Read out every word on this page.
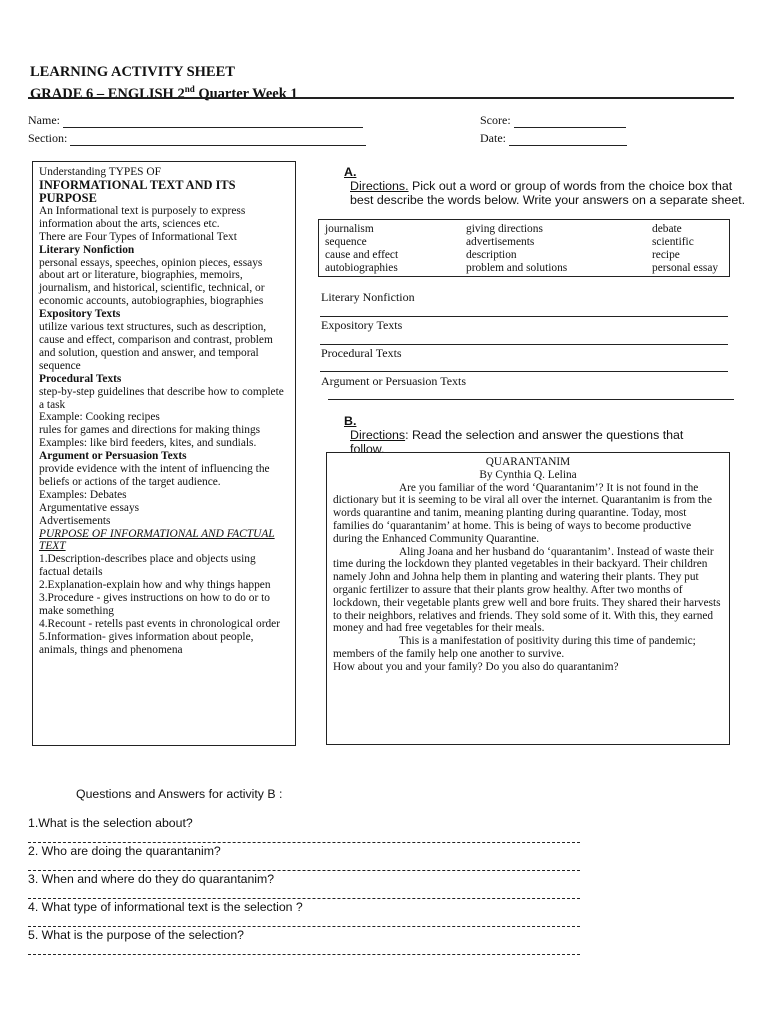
LEARNING ACTIVITY SHEET
GRADE 6 – ENGLISH 2nd Quarter Week 1
Name:
Section:
Score:
Date:

Understanding TYPES OF

INFORMATIONAL TEXT AND ITS PURPOSE

An Informational text is purposely to express information about the arts, sciences etc.

There are Four Types of Informational Text

Literary Nonfiction

personal essays, speeches, opinion pieces, essays about art or literature, biographies, memoirs, journalism, and historical, scientific, technical, or economic accounts, autobiographies, biographies

Expository Texts

utilize various text structures, such as description, cause and effect, comparison and contrast, problem and solution, question and answer, and temporal sequence

Procedural Texts

step-by-step guidelines that describe how to complete a task

Example: Cooking recipes

rules for games and directions for making things

Examples: like bird feeders, kites, and sundials.

Argument or Persuasion Texts

provide evidence with the intent of influencing the beliefs or actions of the target audience.

Examples: Debates

Argumentative essays

Advertisements

PURPOSE OF INFORMATIONAL AND FACTUAL TEXT

1.Description-describes place and objects using factual details

2.Explanation-explain how and why things happen

3.Procedure - gives instructions on how to do or to make something

4.Recount - retells past events in chronological order

5.Information- gives information about people, animals, things and phenomena

A. Directions. Pick out a word or group of words from the choice box that best describe the words below. Write your answers on a separate sheet.
journalism	giving directions	debate
sequence	advertisements	scientific
cause and effect	description	recipe
autobiographies	problem and solutions	personal essay
Literary Nonfiction
Expository Texts
Procedural Texts
Argument or Persuasion Texts
B. Directions: Read the selection and answer the questions that follow.

QUARANTANIM

By Cynthia Q. Lelina

Are you familiar of the word ‘Quarantanim’? It is not found in the dictionary but it is seeming to be viral all over the internet. Quarantanim is from the words quarantine and tanim, meaning planting during quarantine. Today, most families do ‘quarantanim’ at home. This is being of ways to become productive during the Enhanced Community Quarantine.

Aling Joana and her husband do ‘quarantanim’. Instead of waste their time during the lockdown they planted vegetables in their backyard. Their children namely John and Johna help them in planting and watering their plants. They put organic fertilizer to assure that their plants grow healthy. After two months of lockdown, their vegetable plants grew well and bore fruits. They shared their harvests to their neighbors, relatives and friends. They sold some of it. With this, they earned money and had free vegetables for their meals.

This is a manifestation of positivity during this time of pandemic; members of the family help one another to survive.

How about you and your family? Do you also do quarantanim?

Questions and Answers for activity B :
1.What is the selection about?
2. Who are doing the quarantanim?
3. When and where do they do quarantanim?
4. What type of informational text is the selection ?
5. What is the purpose of the selection?
